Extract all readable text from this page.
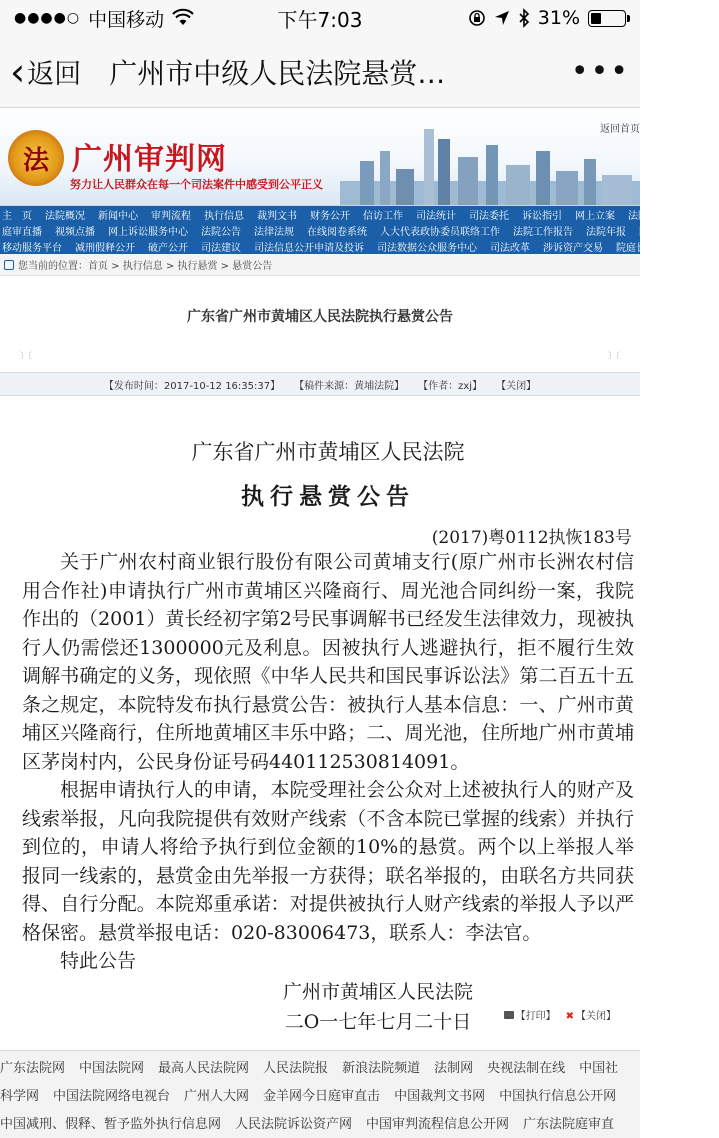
●●●●○ 中国移动	下午7:03	31%
‹ 返回 广州市中级人民法院悬赏…	•••
法 广州审判网
努力让人民群众在每一个司法案件中感受到公平正义
返回首页
主　页 法院概况 新闻中心 审判流程 执行信息 裁判文书 财务公开 信访工作 司法统计 司法委托 诉讼指引 网上立案 法院文化 廉政
庭审直播 视频点播 网上诉讼服务中心 法院公告 法律法规 在线阅卷系统 人大代表政协委员联络工作 法院工作报告 法院年报 院长信箱
移动服务平台 减刑假释公开 破产公开 司法建议 司法信息公开申请及投诉 司法数据公众服务中心 司法改革 涉诉资产交易 院庭长办案 站内搜索
您当前的位置：首页 > 执行信息 > 执行悬赏 > 悬赏公告
广东省广州市黄埔区人民法院执行悬赏公告
〕〔	〕〔
【发布时间：2017-10-12 16:35:37】 【稿件来源：黄埔法院】 【作者：zxj】 【关闭】
广东省广州市黄埔区人民法院
执行悬赏公告
(2017)粤0112执恢183号

关于广州农村商业银行股份有限公司黄埔支行(原广州市长洲农村信用合作社)申请执行广州市黄埔区兴隆商行、周光池合同纠纷一案，我院作出的（2001）黄长经初字第2号民事调解书已经发生法律效力，现被执行人仍需偿还1300000元及利息。因被执行人逃避执行，拒不履行生效调解书确定的义务，现依照《中华人民共和国民事诉讼法》第二百五十五条之规定，本院特发布执行悬赏公告：被执行人基本信息：一、广州市黄埔区兴隆商行，住所地黄埔区丰乐中路；二、周光池，住所地广州市黄埔区茅岗村内，公民身份证号码440112530814091。

根据申请执行人的申请，本院受理社会公众对上述被执行人的财产及线索举报，凡向我院提供有效财产线索（不含本院已掌握的线索）并执行到位的，申请人将给予执行到位金额的10%的悬赏。两个以上举报人举报同一线索的，悬赏金由先举报一方获得；联名举报的，由联名方共同获得、自行分配。本院郑重承诺：对提供被执行人财产线索的举报人予以严格保密。悬赏举报电话：020-83006473，联系人：李法官。

特此公告

广州市黄埔区人民法院
二O一七年七月二十日	【打印】 ✖ 【关闭】
广东法院网 中国法院网 最高人民法院网 人民法院报 新浪法院频道 法制网 央视法制在线 中国社
科学网 中国法院网络电视台 广州人大网 金羊网今日庭审直击 中国裁判文书网 中国执行信息公开网
中国减刑、假释、暂予监外执行信息网 人民法院诉讼资产网 中国审判流程信息公开网 广东法院庭审直
